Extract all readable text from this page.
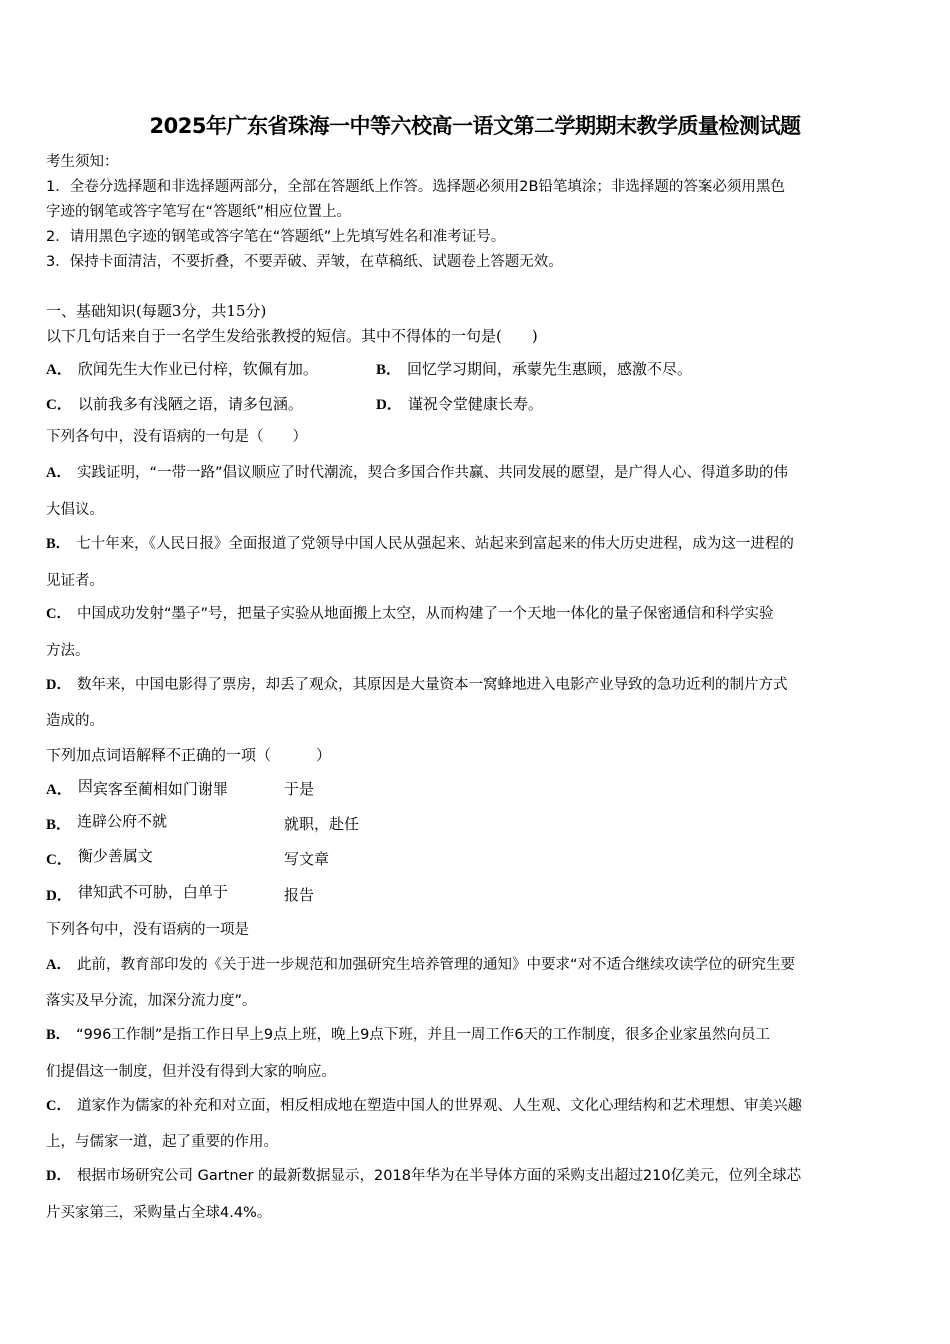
2025年广东省珠海一中等六校高一语文第二学期期末教学质量检测试题
考生须知：
1．全卷分选择题和非选择题两部分，全部在答题纸上作答。选择题必须用2B铅笔填涂；非选择题的答案必须用黑色
字迹的钢笔或答字笔写在“答题纸”相应位置上。
2．请用黑色字迹的钢笔或答字笔在“答题纸”上先填写姓名和准考证号。
3．保持卡面清洁，不要折叠，不要弄破、弄皱，在草稿纸、试题卷上答题无效。
一、基础知识(每题3分，共15分)
以下几句话来自于一名学生发给张教授的短信。其中不得体的一句是(　　)
A． 欣闻先生大作业已付梓，钦佩有加。	B． 回忆学习期间，承蒙先生惠顾，感激不尽。
C． 以前我多有浅陋之语，请多包涵。	D． 谨祝令堂健康长寿。
下列各句中，没有语病的一句是（　　）
A． 实践证明，“一带一路”倡议顺应了时代潮流，契合多国合作共赢、共同发展的愿望，是广得人心、得道多助的伟
大倡议。
B． 七十年来，《人民日报》全面报道了党领导中国人民从强起来、站起来到富起来的伟大历史进程，成为这一进程的
见证者。
C． 中国成功发射“墨子”号，把量子实验从地面搬上太空，从而构建了一个天地一体化的量子保密通信和科学实验
方法。
D． 数年来，中国电影得了票房，却丢了观众，其原因是大量资本一窝蜂地进入电影产业导致的急功近利的制片方式
造成的。
下列加点词语解释不正确的一项（　　　）
A． 因宾客至蔺相如门谢罪	于是
B． 连辟公府不就	就职，赴任
C． 衡少善属文	写文章
D． 律知武不可胁，白单于	报告
下列各句中，没有语病的一项是
A． 此前，教育部印发的《关于进一步规范和加强研究生培养管理的通知》中要求“对不适合继续攻读学位的研究生要
落实及早分流，加深分流力度”。
B． “996工作制”是指工作日早上9点上班，晚上9点下班，并且一周工作6天的工作制度，很多企业家虽然向员工
们提倡这一制度，但并没有得到大家的响应。
C． 道家作为儒家的补充和对立面，相反相成地在塑造中国人的世界观、人生观、文化心理结构和艺术理想、审美兴趣
上，与儒家一道，起了重要的作用。
D． 根据市场研究公司 Gartner 的最新数据显示，2018年华为在半导体方面的采购支出超过210亿美元，位列全球芯
片买家第三，采购量占全球4.4%。
